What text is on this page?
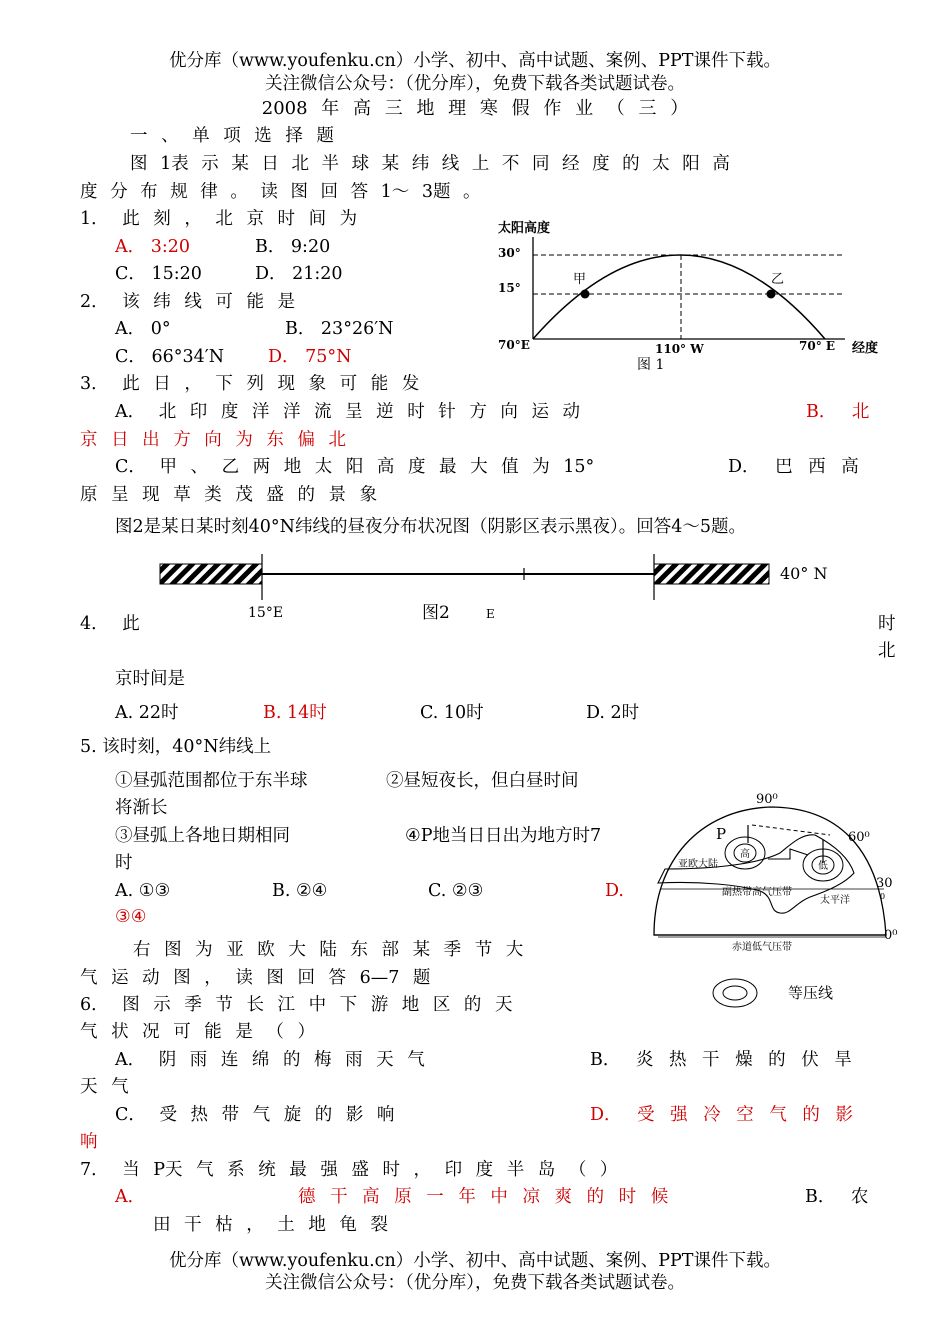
优分库（www.youfenku.cn）小学、初中、高中试题、案例、PPT课件下载。
关注微信公众号：（优分库），免费下载各类试题试卷。
2008 年 高 三 地 理 寒 假 作 业 （ 三 ）
一 、 单 项 选 择 题
图 1表 示 某 日 北 半 球 某 纬 线 上 不 同 经 度 的 太 阳 高
度 分 布 规 律 。 读 图 回 答 1～ 3题 。
1． 此 刻 ， 北 京 时 间 为
A． 3:20	B． 9:20
C． 15:20	D． 21:20
2． 该 纬 线 可 能 是
A． 0°	B． 23°26′N
C． 66°34′N	D． 75°N
3． 此 日 ， 下 列 现 象 可 能 发
A． 北 印 度 洋 洋 流 呈 逆 时 针 方 向 运 动	B． 北
京 日 出 方 向 为 东 偏 北
C． 甲 、 乙 两 地 太 阳 高 度 最 大 值 为 15°	D． 巴 西 高
原 呈 现 草 类 茂 盛 的 景 象
太阳高度
30°
15°
70°E
甲	乙
110° W	70° E 经度
图 1
图2是某日某时刻40°N纬线的昼夜分布状况图（阴影区表示黑夜）。回答4～5题。
15°E	图2	E
40° N
4． 此	时
北
京时间是
A. 22时	B. 14时	C. 10时	D. 2时
5. 该时刻，40°N纬线上
①昼弧范围都位于东半球	②昼短夜长，但白昼时间
将渐长
③昼弧上各地日期相同	④P地当日日出为地方时7
时
A. ①③	B. ②④	C. ②③	D.
③④
右 图 为 亚 欧 大 陆 东 部 某 季 节 大
气 运 动 图 ， 读 图 回 答 6—7 题
高
低
90⁰
60⁰
30
0
0⁰
P
亚欧大陆
太平洋
副热带高气压带
赤道低气压带
等压线
6． 图 示 季 节 长 江 中 下 游 地 区 的 天
气 状 况 可 能 是 （ ）
A． 阴 雨 连 绵 的 梅 雨 天 气	B． 炎 热 干 燥 的 伏 旱
天 气
C． 受 热 带 气 旋 的 影 响	D． 受 强 冷 空 气 的 影
响
7． 当 P天 气 系 统 最 强 盛 时 ， 印 度 半 岛 （ ）
A．	德 干 高 原 一 年 中 凉 爽 的 时 候	B． 农
田 干 枯 ， 土 地 龟 裂
优分库（www.youfenku.cn）小学、初中、高中试题、案例、PPT课件下载。
关注微信公众号：（优分库），免费下载各类试题试卷。
